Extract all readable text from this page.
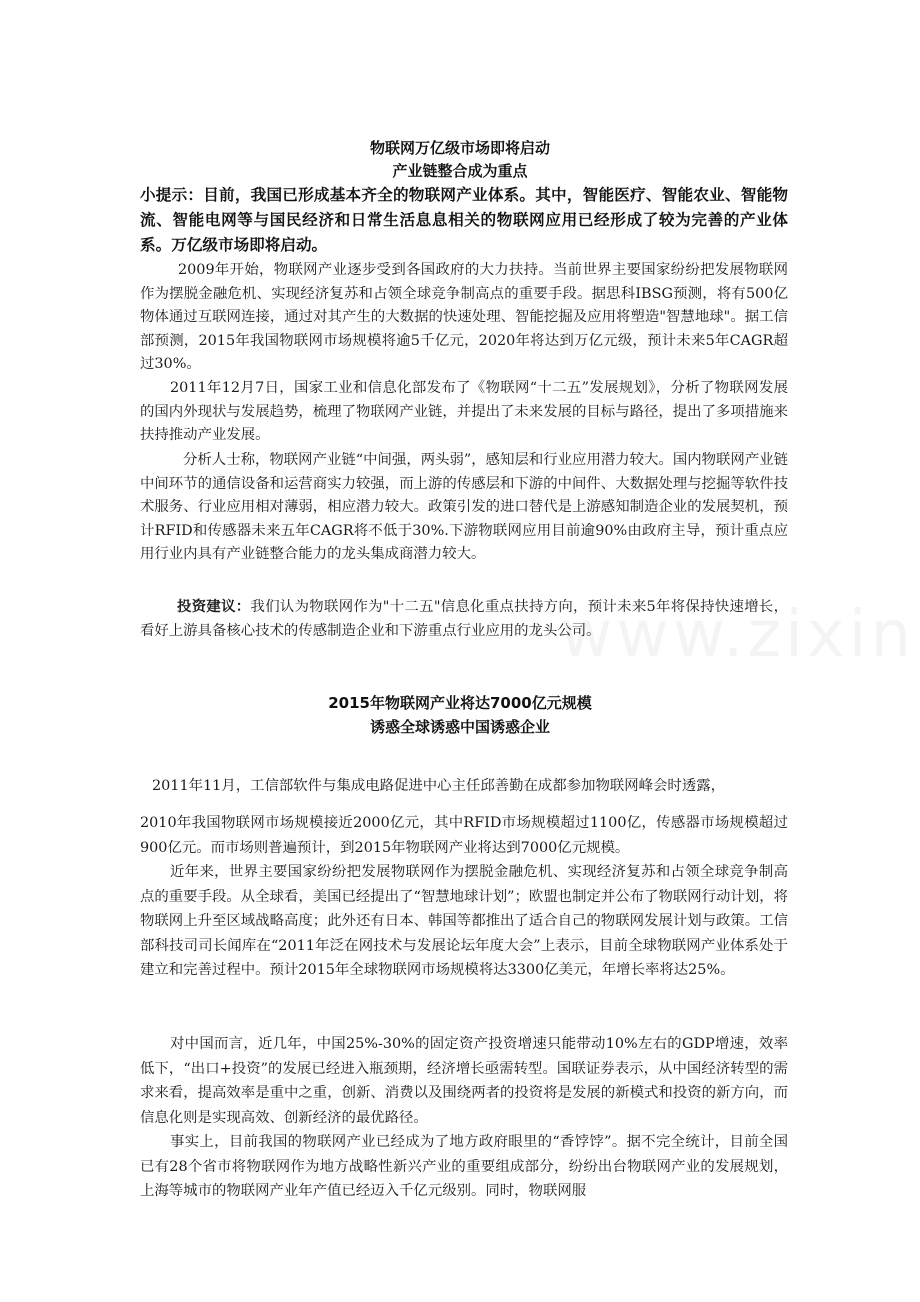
物联网万亿级市场即将启动
产业链整合成为重点
小提示：目前，我国已形成基本齐全的物联网产业体系。其中，智能医疗、智能农业、智能物流、智能电网等与国民经济和日常生活息息相关的物联网应用已经形成了较为完善的产业体系。万亿级市场即将启动。

2009年开始，物联网产业逐步受到各国政府的大力扶持。当前世界主要国家纷纷把发展物联网作为摆脱金融危机、实现经济复苏和占领全球竞争制高点的重要手段。据思科IBSG预测，将有500亿物体通过互联网连接，通过对其产生的大数据的快速处理、智能挖掘及应用将塑造"智慧地球"。据工信部预测，2015年我国物联网市场规模将逾5千亿元，2020年将达到万亿元级，预计未来5年CAGR超过30%。

2011年12月7日，国家工业和信息化部发布了《物联网“十二五”发展规划》，分析了物联网发展的国内外现状与发展趋势，梳理了物联网产业链，并提出了未来发展的目标与路径，提出了多项措施来扶持推动产业发展。

分析人士称，物联网产业链“中间强，两头弱”，感知层和行业应用潜力较大。国内物联网产业链中间环节的通信设备和运营商实力较强，而上游的传感层和下游的中间件、大数据处理与挖掘等软件技术服务、行业应用相对薄弱，相应潜力较大。政策引发的进口替代是上游感知制造企业的发展契机，预计RFID和传感器未来五年CAGR将不低于30%.下游物联网应用目前逾90%由政府主导，预计重点应用行业内具有产业链整合能力的龙头集成商潜力较大。

投资建议：我们认为物联网作为"十二五"信息化重点扶持方向，预计未来5年将保持快速增长，看好上游具备核心技术的传感制造企业和下游重点行业应用的龙头公司。

2015年物联网产业将达7000亿元规模
诱惑全球诱惑中国诱惑企业

2011年11月，工信部软件与集成电路促进中心主任邱善勤在成都参加物联网峰会时透露，

2010年我国物联网市场规模接近2000亿元，其中RFID市场规模超过1100亿，传感器市场规模超过900亿元。而市场则普遍预计，到2015年物联网产业将达到7000亿元规模。

近年来，世界主要国家纷纷把发展物联网作为摆脱金融危机、实现经济复苏和占领全球竞争制高点的重要手段。从全球看，美国已经提出了“智慧地球计划”；欧盟也制定并公布了物联网行动计划，将物联网上升至区域战略高度；此外还有日本、韩国等都推出了适合自己的物联网发展计划与政策。工信部科技司司长闻库在“2011年泛在网技术与发展论坛年度大会”上表示，目前全球物联网产业体系处于建立和完善过程中。预计2015年全球物联网市场规模将达3300亿美元，年增长率将达25%。

对中国而言，近几年，中国25%-30%的固定资产投资增速只能带动10%左右的GDP增速，效率低下，“出口+投资”的发展已经进入瓶颈期，经济增长亟需转型。国联证券表示，从中国经济转型的需求来看，提高效率是重中之重，创新、消费以及围绕两者的投资将是发展的新模式和投资的新方向，而信息化则是实现高效、创新经济的最优路径。

事实上，目前我国的物联网产业已经成为了地方政府眼里的“香饽饽”。据不完全统计，目前全国已有28个省市将物联网作为地方战略性新兴产业的重要组成部分，纷纷出台物联网产业的发展规划，上海等城市的物联网产业年产值已经迈入千亿元级别。同时，物联网服
